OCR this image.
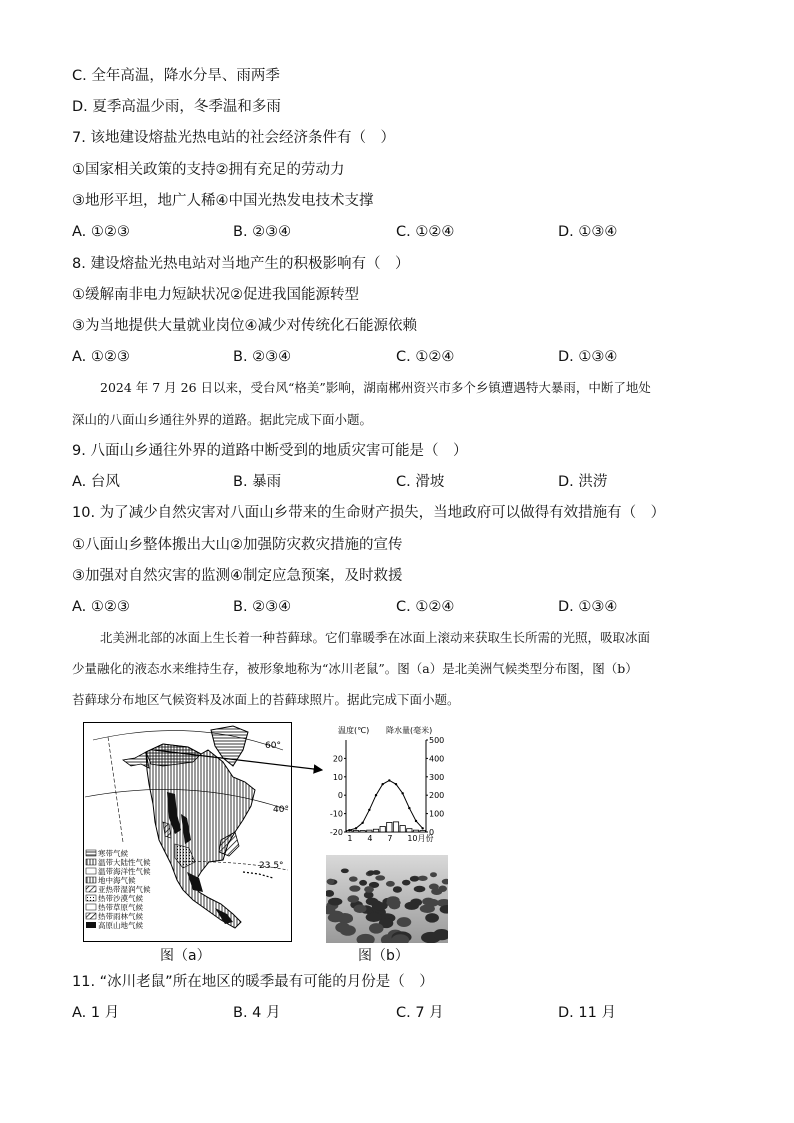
C. 全年高温，降水分旱、雨两季
D. 夏季高温少雨，冬季温和多雨
7. 该地建设熔盐光热电站的社会经济条件有（　）
①国家相关政策的支持②拥有充足的劳动力
③地形平坦，地广人稀④中国光热发电技术支撑
A. ①②③	B. ②③④	C. ①②④	D. ①③④
8. 建设熔盐光热电站对当地产生的积极影响有（　）
①缓解南非电力短缺状况②促进我国能源转型
③为当地提供大量就业岗位④减少对传统化石能源依赖
A. ①②③	B. ②③④	C. ①②④	D. ①③④
2024 年 7 月 26 日以来，受台风“格美”影响，湖南郴州资兴市多个乡镇遭遇特大暴雨，中断了地处
深山的八面山乡通往外界的道路。据此完成下面小题。
9. 八面山乡通往外界的道路中断受到的地质灾害可能是（　）
A. 台风	B. 暴雨	C. 滑坡	D. 洪涝
10. 为了减少自然灾害对八面山乡带来的生命财产损失，当地政府可以做得有效措施有（　）
①八面山乡整体搬出大山②加强防灾救灾措施的宣传
③加强对自然灾害的监测④制定应急预案，及时救援
A. ①②③	B. ②③④	C. ①②④	D. ①③④
北美洲北部的冰面上生长着一种苔藓球。它们靠暖季在冰面上滚动来获取生长所需的光照，吸取冰面
少量融化的液态水来维持生存，被形象地称为“冰川老鼠”。图（a）是北美洲气候类型分布图，图（b）
苔藓球分布地区气候资料及冰面上的苔藓球照片。据此完成下面小题。
60°
40°
23.5°
寒带气候
温带大陆性气候
温带海洋性气候
地中海气候
亚热带湿润气候
热带沙漠气候
热带草原气候
热带雨林气候
高原山地气候
图（a）
温度(℃) 降水量(毫米)
20
10
0
-10
-20
500
400
300
200
100
0
1 4 7 10月份
图（b）
11. “冰川老鼠”所在地区的暖季最有可能的月份是（　）
A. 1 月	B. 4 月	C. 7 月	D. 11 月
